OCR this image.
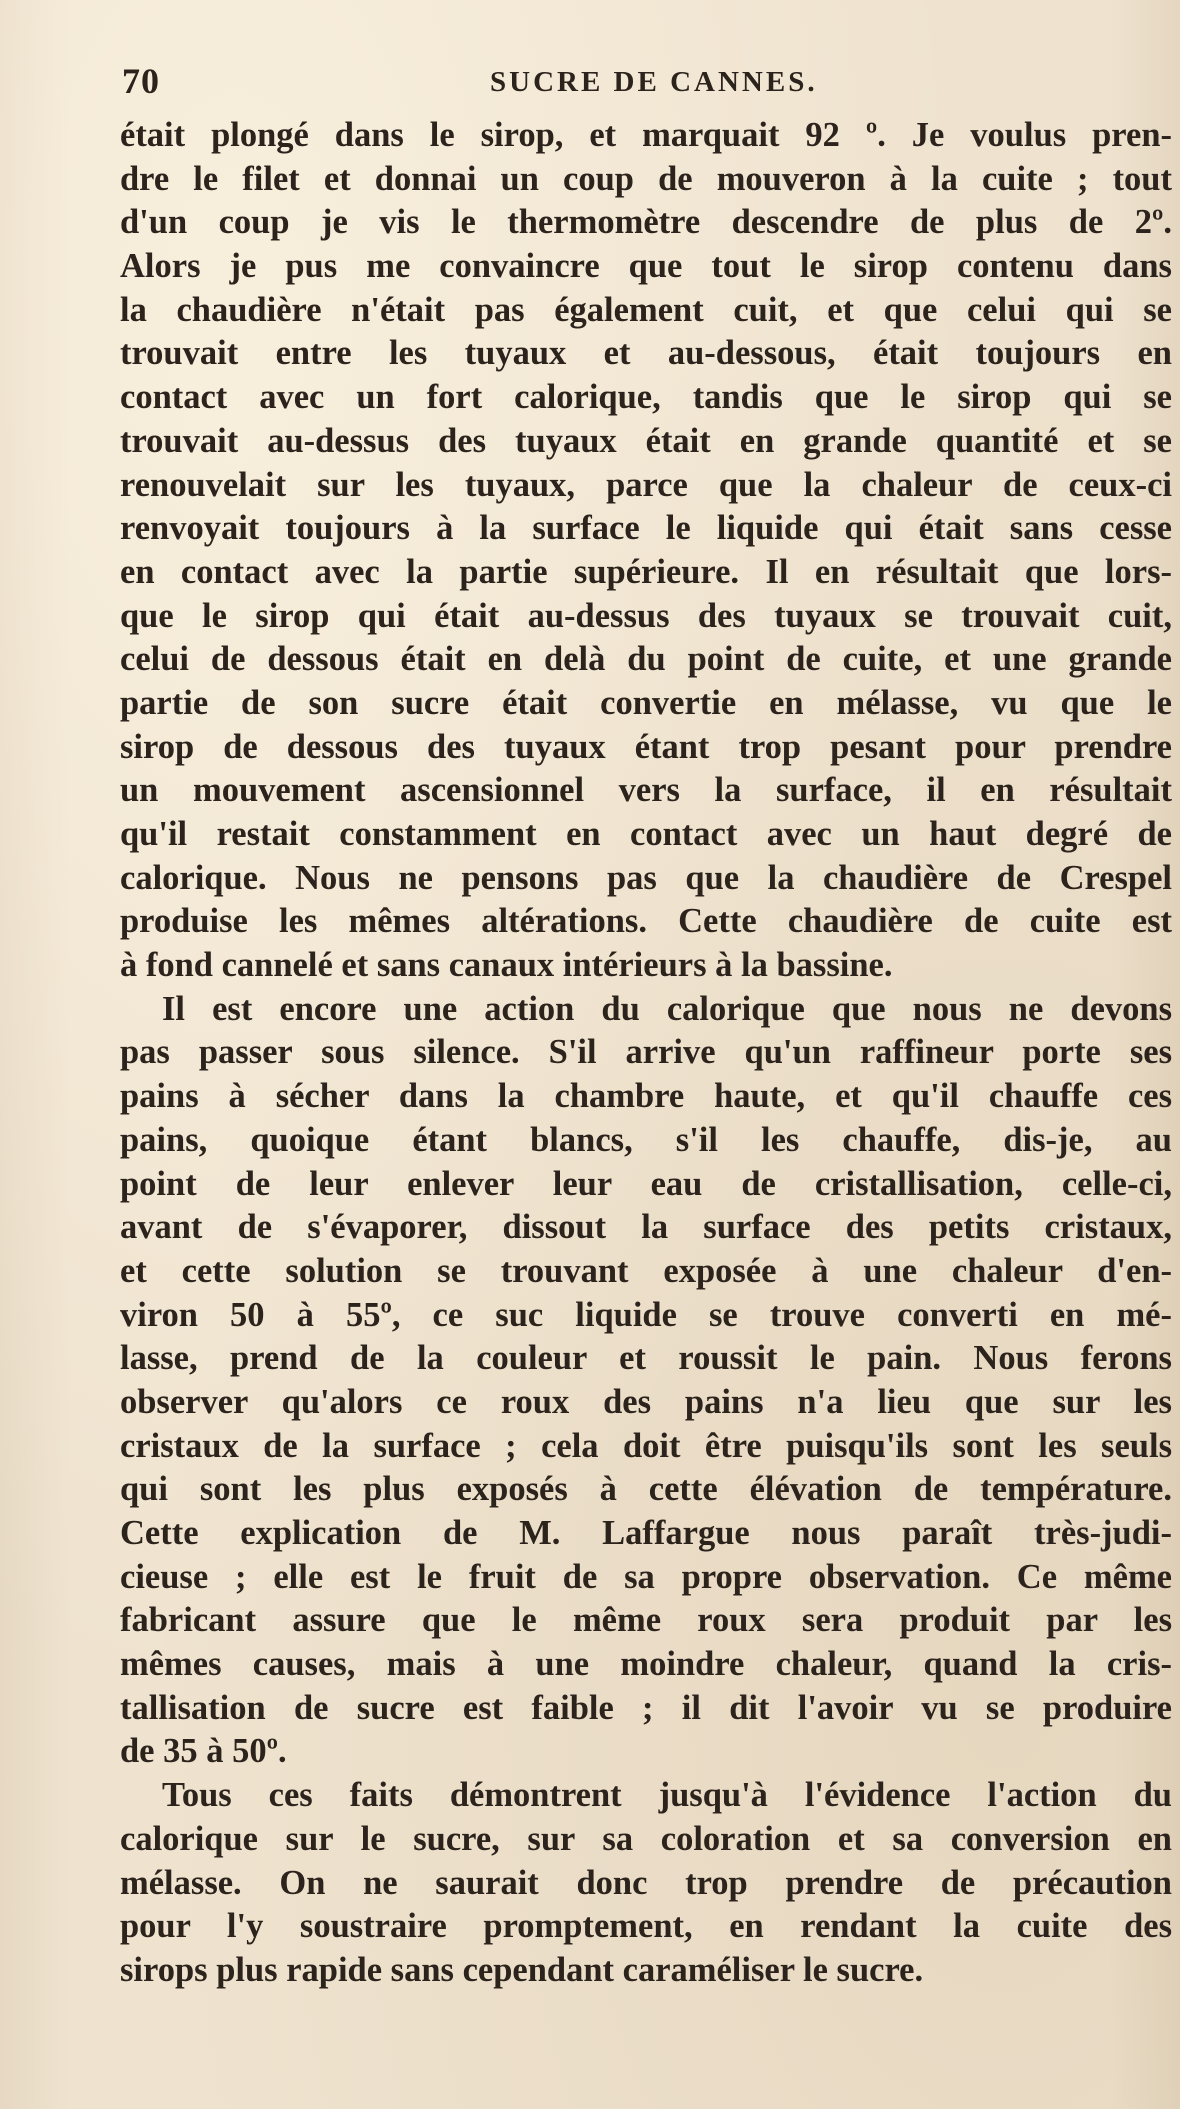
70	SUCRE DE CANNES.
était plongé dans le sirop, et marquait 92 º. Je voulus pren-
dre le filet et donnai un coup de mouveron à la cuite ; tout
d'un coup je vis le thermomètre descendre de plus de 2º.
Alors je pus me convaincre que tout le sirop contenu dans
la chaudière n'était pas également cuit, et que celui qui se
trouvait entre les tuyaux et au-dessous, était toujours en
contact avec un fort calorique, tandis que le sirop qui se
trouvait au-dessus des tuyaux était en grande quantité et se
renouvelait sur les tuyaux, parce que la chaleur de ceux-ci
renvoyait toujours à la surface le liquide qui était sans cesse
en contact avec la partie supérieure. Il en résultait que lors-
que le sirop qui était au-dessus des tuyaux se trouvait cuit,
celui de dessous était en delà du point de cuite, et une grande
partie de son sucre était convertie en mélasse, vu que le
sirop de dessous des tuyaux étant trop pesant pour prendre
un mouvement ascensionnel vers la surface, il en résultait
qu'il restait constamment en contact avec un haut degré de
calorique. Nous ne pensons pas que la chaudière de Crespel
produise les mêmes altérations. Cette chaudière de cuite est
à fond cannelé et sans canaux intérieurs à la bassine.
Il est encore une action du calorique que nous ne devons
pas passer sous silence. S'il arrive qu'un raffineur porte ses
pains à sécher dans la chambre haute, et qu'il chauffe ces
pains, quoique étant blancs, s'il les chauffe, dis-je, au
point de leur enlever leur eau de cristallisation, celle-ci,
avant de s'évaporer, dissout la surface des petits cristaux,
et cette solution se trouvant exposée à une chaleur d'en-
viron 50 à 55º, ce suc liquide se trouve converti en mé-
lasse, prend de la couleur et roussit le pain. Nous ferons
observer qu'alors ce roux des pains n'a lieu que sur les
cristaux de la surface ; cela doit être puisqu'ils sont les seuls
qui sont les plus exposés à cette élévation de température.
Cette explication de M. Laffargue nous paraît très-judi-
cieuse ; elle est le fruit de sa propre observation. Ce même
fabricant assure que le même roux sera produit par les
mêmes causes, mais à une moindre chaleur, quand la cris-
tallisation de sucre est faible ; il dit l'avoir vu se produire
de 35 à 50º.
Tous ces faits démontrent jusqu'à l'évidence l'action du
calorique sur le sucre, sur sa coloration et sa conversion en
mélasse. On ne saurait donc trop prendre de précaution
pour l'y soustraire promptement, en rendant la cuite des
sirops plus rapide sans cependant caraméliser le sucre.
